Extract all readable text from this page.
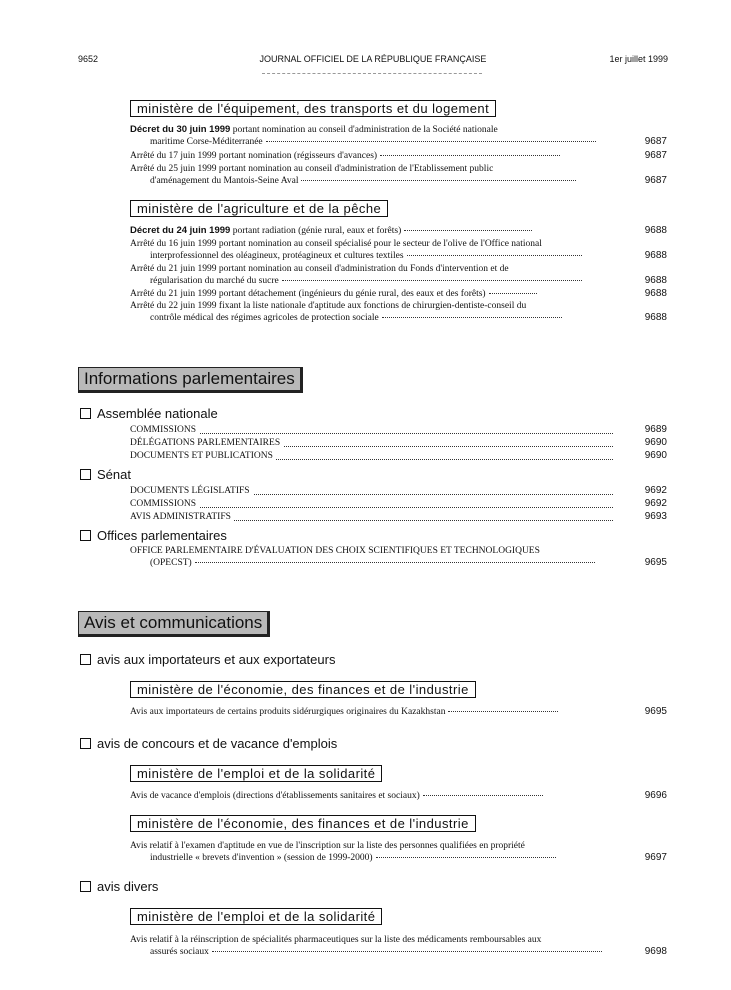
9652	JOURNAL OFFICIEL DE LA RÉPUBLIQUE FRANÇAISE	1er juillet 1999
ministère de l'équipement, des transports et du logement
Décret du 30 juin 1999 portant nomination au conseil d'administration de la Société nationale
maritime Corse-Méditerranée	9687
Arrêté du 17 juin 1999 portant nomination (régisseurs d'avances)	9687
Arrêté du 25 juin 1999 portant nomination au conseil d'administration de l'Etablissement public
d'aménagement du Mantois-Seine Aval	9687
ministère de l'agriculture et de la pêche
Décret du 24 juin 1999 portant radiation (génie rural, eaux et forêts)	9688
Arrêté du 16 juin 1999 portant nomination au conseil spécialisé pour le secteur de l'olive de l'Office national
interprofessionnel des oléagineux, protéagineux et cultures textiles	9688
Arrêté du 21 juin 1999 portant nomination au conseil d'administration du Fonds d'intervention et de
régularisation du marché du sucre	9688
Arrêté du 21 juin 1999 portant détachement (ingénieurs du génie rural, des eaux et des forêts)	9688
Arrêté du 22 juin 1999 fixant la liste nationale d'aptitude aux fonctions de chirurgien-dentiste-conseil du
contrôle médical des régimes agricoles de protection sociale	9688
Informations parlementaires
Assemblée nationale
COMMISSIONS	9689
DÉLÉGATIONS PARLEMENTAIRES	9690
DOCUMENTS ET PUBLICATIONS	9690
Sénat
DOCUMENTS LÉGISLATIFS	9692
COMMISSIONS	9692
AVIS ADMINISTRATIFS	9693
Offices parlementaires
OFFICE PARLEMENTAIRE D'ÉVALUATION DES CHOIX SCIENTIFIQUES ET TECHNOLOGIQUES
(OPECST)	9695
Avis et communications
avis aux importateurs et aux exportateurs
ministère de l'économie, des finances et de l'industrie
Avis aux importateurs de certains produits sidérurgiques originaires du Kazakhstan	9695
avis de concours et de vacance d'emplois
ministère de l'emploi et de la solidarité
Avis de vacance d'emplois (directions d'établissements sanitaires et sociaux)	9696
ministère de l'économie, des finances et de l'industrie
Avis relatif à l'examen d'aptitude en vue de l'inscription sur la liste des personnes qualifiées en propriété
industrielle « brevets d'invention » (session de 1999-2000)	9697
avis divers
ministère de l'emploi et de la solidarité
Avis relatif à la réinscription de spécialités pharmaceutiques sur la liste des médicaments remboursables aux
assurés sociaux	9698
